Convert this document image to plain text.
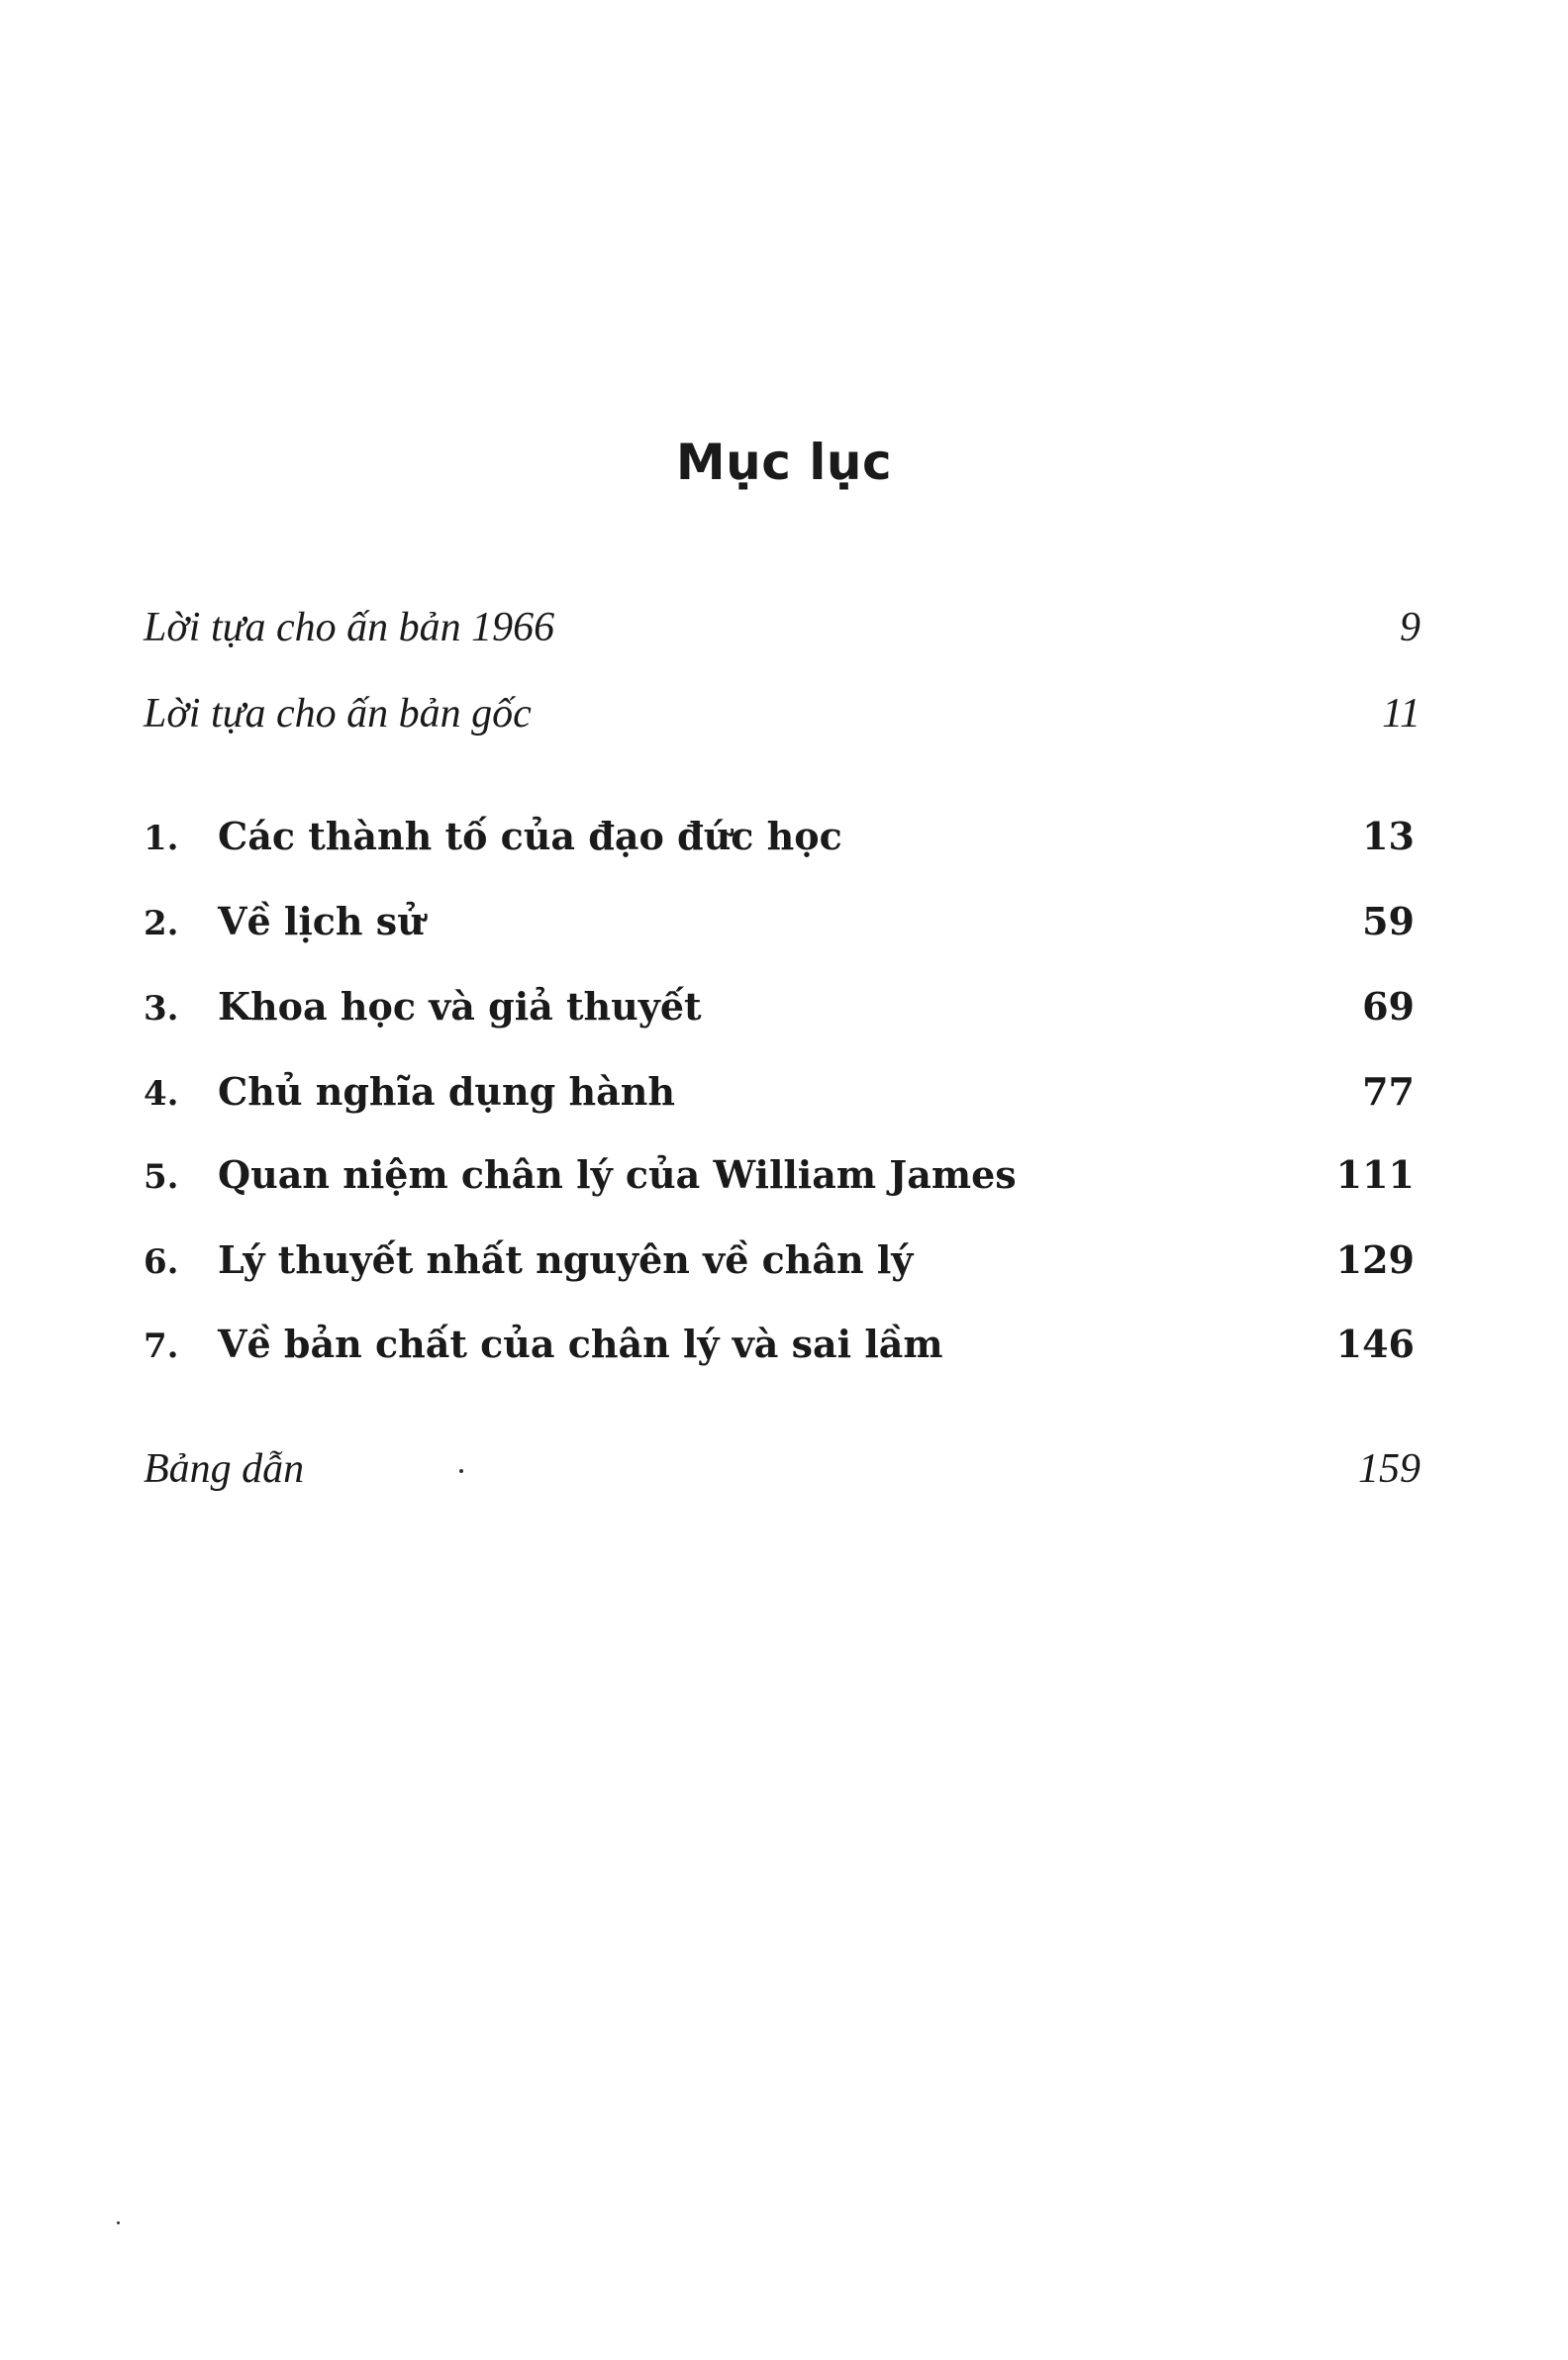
Mục lục
Lời tựa cho ấn bản 1966	9
Lời tựa cho ấn bản gốc	11
1.	Các thành tố của đạo đức học	13
2.	Về lịch sử	59
3.	Khoa học và giả thuyết	69
4.	Chủ nghĩa dụng hành	77
5.	Quan niệm chân lý của William James	111
6.	Lý thuyết nhất nguyên về chân lý	129
7.	Về bản chất của chân lý và sai lầm	146
Bảng dẫn	159
